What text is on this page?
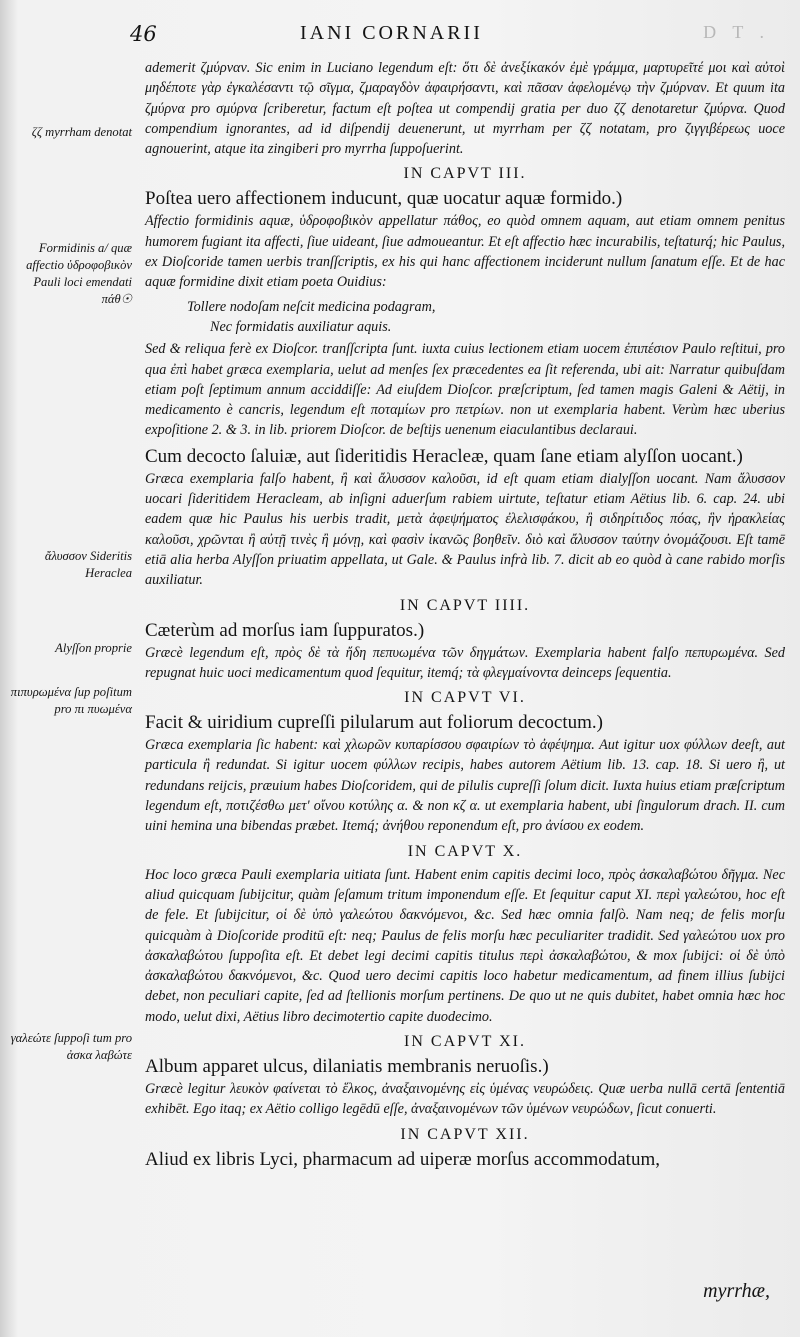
46	IANI CORNARII	D T .
ζζ myrrham denotat
Formidinis a/ quæ affectio ὑδροφοβικὸν Pauli loci emendati πάθ☉
ἄλυσσον Sideritis Heraclea
Alyſſon proprie
πιπυρωμένα ſup poſitum pro πι πυωμένα
γαλεώτε ſuppoſi tum pro ἀσκα λαβώτε

ademerit ζμύρναν. Sic enim in Luciano legendum eſt: ὅτι δὲ ἀνεξίκακόν ἐμὲ γράμμα, μαρτυρεῖτέ μοι καὶ αὐτοὶ μηδέποτε γὰρ ἐγκαλέσαντι τῷ σῖγμα, ζμαραγδὸν ἀφαιρήσαντι, καὶ πᾶσαν ἀφελομένῳ τὴν ζμύρναν. Et quum ita ζμύρνα pro σμύρνα ſcriberetur, factum eſt poſtea ut compendij gratia per duo ζζ denotaretur ζμύρνα. Quod compendium ignorantes, ad id diſpendij deuenerunt, ut myrrham per ζζ notatam, pro ζιγγιβέρεως uoce agnouerint, atque ita zingiberi pro myrrha ſuppoſuerint.

IN CAPVT III.

Poſtea uero affectionem inducunt, quæ uocatur aquæ formido.)

Affectio formidinis aquæ, ὑδροφοβικὸν appellatur πάθος, eo quòd omnem aquam, aut etiam omnem penitus humorem fugiant ita affecti, ſiue uideant, ſiue admoueantur. Et eſt affectio hæc incurabilis, teſtaturq́; hic Paulus, ex Dioſcoride tamen uerbis tranſſcriptis, ex his qui hanc affectionem inciderunt nullum ſanatum eſſe. Et de hac aquæ formidine dixit etiam poeta Ouidius:

Tollere nodoſam neſcit medicina podagram,
Nec formidatis auxiliatur aquis.

Sed & reliqua ferè ex Dioſcor. tranſſcripta ſunt. iuxta cuius lectionem etiam uocem ἐπιπέσιον Paulo reſtitui, pro qua ἐπὶ habet græca exemplaria, uelut ad menſes ſex præcedentes ea ſit referenda, ubi ait: Narratur quibuſdam etiam poſt ſeptimum annum acciddiſſe: Ad eiuſdem Dioſcor. præſcriptum, ſed tamen magis Galeni & Aëtij, in medicamento è cancris, legendum eſt ποταμίων pro πετρίων. non ut exemplaria habent. Verùm hæc uberius expoſitione 2. & 3. in lib. priorem Dioſcor. de beſtijs uenenum eiaculantibus declaraui.

Cum decocto ſaluiæ, aut ſideritidis Heracleæ, quam ſane etiam alyſſon uocant.)

Græca exemplaria falſo habent, ἢ καὶ ἄλυσσον καλοῦσι, id eſt quam etiam dialyſſon uocant. Nam ἄλυσσον uocari ſideritidem Heracleam, ab inſigni aduerſum rabiem uirtute, teſtatur etiam Aëtius lib. 6. cap. 24. ubi eadem quæ hic Paulus his uerbis tradit, μετὰ ἀφεψήματος ἐλελισφάκου, ἢ σιδηρίτιδος πόας, ἣν ἡρακλείας καλοῦσι, χρῶνται ἢ αὐτῇ τινὲς ἢ μόνῃ, καὶ φασὶν ἱκανῶς βοηθεῖν. διὸ καὶ ἄλυσσον ταύτην ὀνομάζουσι. Eſt tamē etiā alia herba Alyſſon priuatim appellata, ut Gale. & Paulus infrà lib. 7. dicit ab eo quòd à cane rabido morſis auxiliatur.

IN CAPVT IIII.

Cæterùm ad morſus iam ſuppuratos.)

Græcè legendum eſt, πρὸς δὲ τὰ ἤδη πεπυωμένα τῶν δηγμάτων. Exemplaria habent falſo πεπυρωμένα. Sed repugnat huic uoci medicamentum quod ſequitur, itemq́; τὰ φλεγμαίνοντα deinceps ſequentia.

IN CAPVT VI.

Facit & uiridium cupreſſi pilularum aut foliorum decoctum.)

Græca exemplaria ſic habent: καὶ χλωρῶν κυπαρίσσου σφαιρίων τὸ ἀφέψημα. Aut igitur uox φύλλων deeſt, aut particula ἢ redundat. Si igitur uocem φύλλων recipis, habes autorem Aëtium lib. 13. cap. 18. Si uero ἢ, ut redundans reijcis, præuium habes Dioſcoridem, qui de pilulis cupreſſi ſolum dicit. Iuxta huius etiam præſcriptum legendum eſt, ποτιζέσθω μετ' οἴνου κοτύλης α. & non κζ α. ut exemplaria habent, ubi ſingulorum drach. II. cum uini hemina una bibendas præbet. Itemq́; ἀνήθου reponendum eſt, pro ἀνίσου ex eodem.

IN CAPVT X.

Hoc loco græca Pauli exemplaria uitiata ſunt. Habent enim capitis decimi loco, πρὸς ἀσκαλαβώτου δῆγμα. Nec aliud quicquam ſubijcitur, quàm ſeſamum tritum imponendum eſſe. Et ſequitur caput XI. περὶ γαλεώτου, hoc eſt de fele. Et ſubijcitur, οἱ δὲ ὑπὸ γαλεώτου δακνόμενοι, &c. Sed hæc omnia falſò. Nam neq; de felis morſu quicquàm à Dioſcoride proditū eſt: neq; Paulus de felis morſu hæc peculiariter tradidit. Sed γαλεώτου uox pro ἀσκαλαβώτου ſuppoſita eſt. Et debet legi decimi capitis titulus περὶ ἀσκαλαβώτου, & mox ſubijci: οἱ δὲ ὑπὸ ἀσκαλαβώτου δακνόμενοι, &c. Quod uero decimi capitis loco habetur medicamentum, ad finem illius ſubijci debet, non peculiari capite, ſed ad ſtellionis morſum pertinens. De quo ut ne quis dubitet, habet omnia hæc hoc modo, uelut dixi, Aëtius libro decimotertio capite duodecimo.

IN CAPVT XI.

Album apparet ulcus, dilaniatis membranis neruoſis.)

Græcè legitur λευκὸν φαίνεται τὸ ἕλκος, ἀναξαινομένης εἰς ὑμένας νευρώδεις. Quæ uerba nullā certā ſententiā exhibēt. Ego itaq; ex Aëtio colligo legēdū eſſe, ἀναξαινομένων τῶν ὑμένων νευρώδων, ſicut conuerti.

IN CAPVT XII.

Aliud ex libris Lyci, pharmacum ad uiperæ morſus accommodatum,

myrrhæ,
